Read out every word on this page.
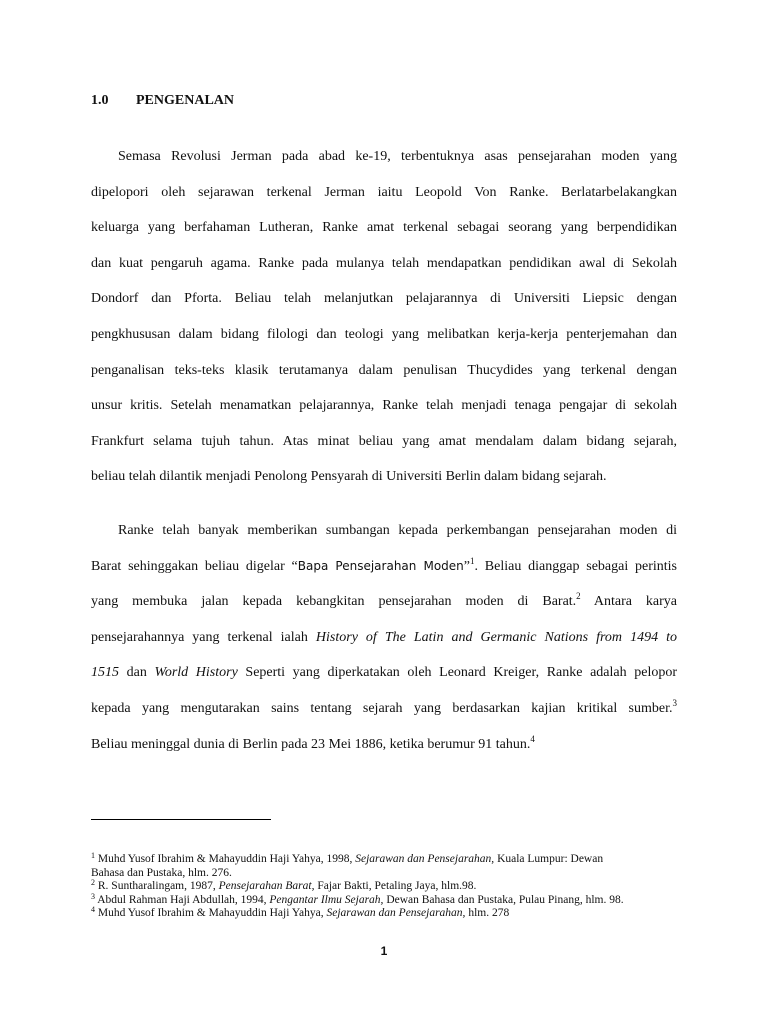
1.0 PENGENALAN
Semasa Revolusi Jerman pada abad ke-19, terbentuknya asas pensejarahan moden yang
dipelopori oleh sejarawan terkenal Jerman iaitu Leopold Von Ranke. Berlatarbelakangkan
keluarga yang berfahaman Lutheran, Ranke amat terkenal sebagai seorang yang berpendidikan
dan kuat pengaruh agama. Ranke pada mulanya telah mendapatkan pendidikan awal di Sekolah
Dondorf dan Pforta. Beliau telah melanjutkan pelajarannya di Universiti Liepsic dengan
pengkhususan dalam bidang filologi dan teologi yang melibatkan kerja-kerja penterjemahan dan
penganalisan teks-teks klasik terutamanya dalam penulisan Thucydides yang terkenal dengan
unsur kritis. Setelah menamatkan pelajarannya, Ranke telah menjadi tenaga pengajar di sekolah
Frankfurt selama tujuh tahun. Atas minat beliau yang amat mendalam dalam bidang sejarah,
beliau telah dilantik menjadi Penolong Pensyarah di Universiti Berlin dalam bidang sejarah.
Ranke telah banyak memberikan sumbangan kepada perkembangan pensejarahan moden di
Barat sehinggakan beliau digelar “Bapa Pensejarahan Moden”$^1$. Beliau dianggap sebagai perintis
yang membuka jalan kepada kebangkitan pensejarahan moden di Barat.$^2$ Antara karya
pensejarahannya yang terkenal ialah History of The Latin and Germanic Nations from 1494 to
1515 dan World History Seperti yang diperkatakan oleh Leonard Kreiger, Ranke adalah pelopor
kepada yang mengutarakan sains tentang sejarah yang berdasarkan kajian kritikal sumber.$^3$
Beliau meninggal dunia di Berlin pada 23 Mei 1886, ketika berumur 91 tahun.$^4$
$^1$ Muhd Yusof Ibrahim & Mahayuddin Haji Yahya, 1998, Sejarawan dan Pensejarahan, Kuala Lumpur: Dewan
Bahasa dan Pustaka, hlm. 276.
$^2$ R. Suntharalingam, 1987, Pensejarahan Barat, Fajar Bakti, Petaling Jaya, hlm.98.
$^3$ Abdul Rahman Haji Abdullah, 1994, Pengantar Ilmu Sejarah, Dewan Bahasa dan Pustaka, Pulau Pinang, hlm. 98.
$^4$ Muhd Yusof Ibrahim & Mahayuddin Haji Yahya, Sejarawan dan Pensejarahan, hlm. 278
1
